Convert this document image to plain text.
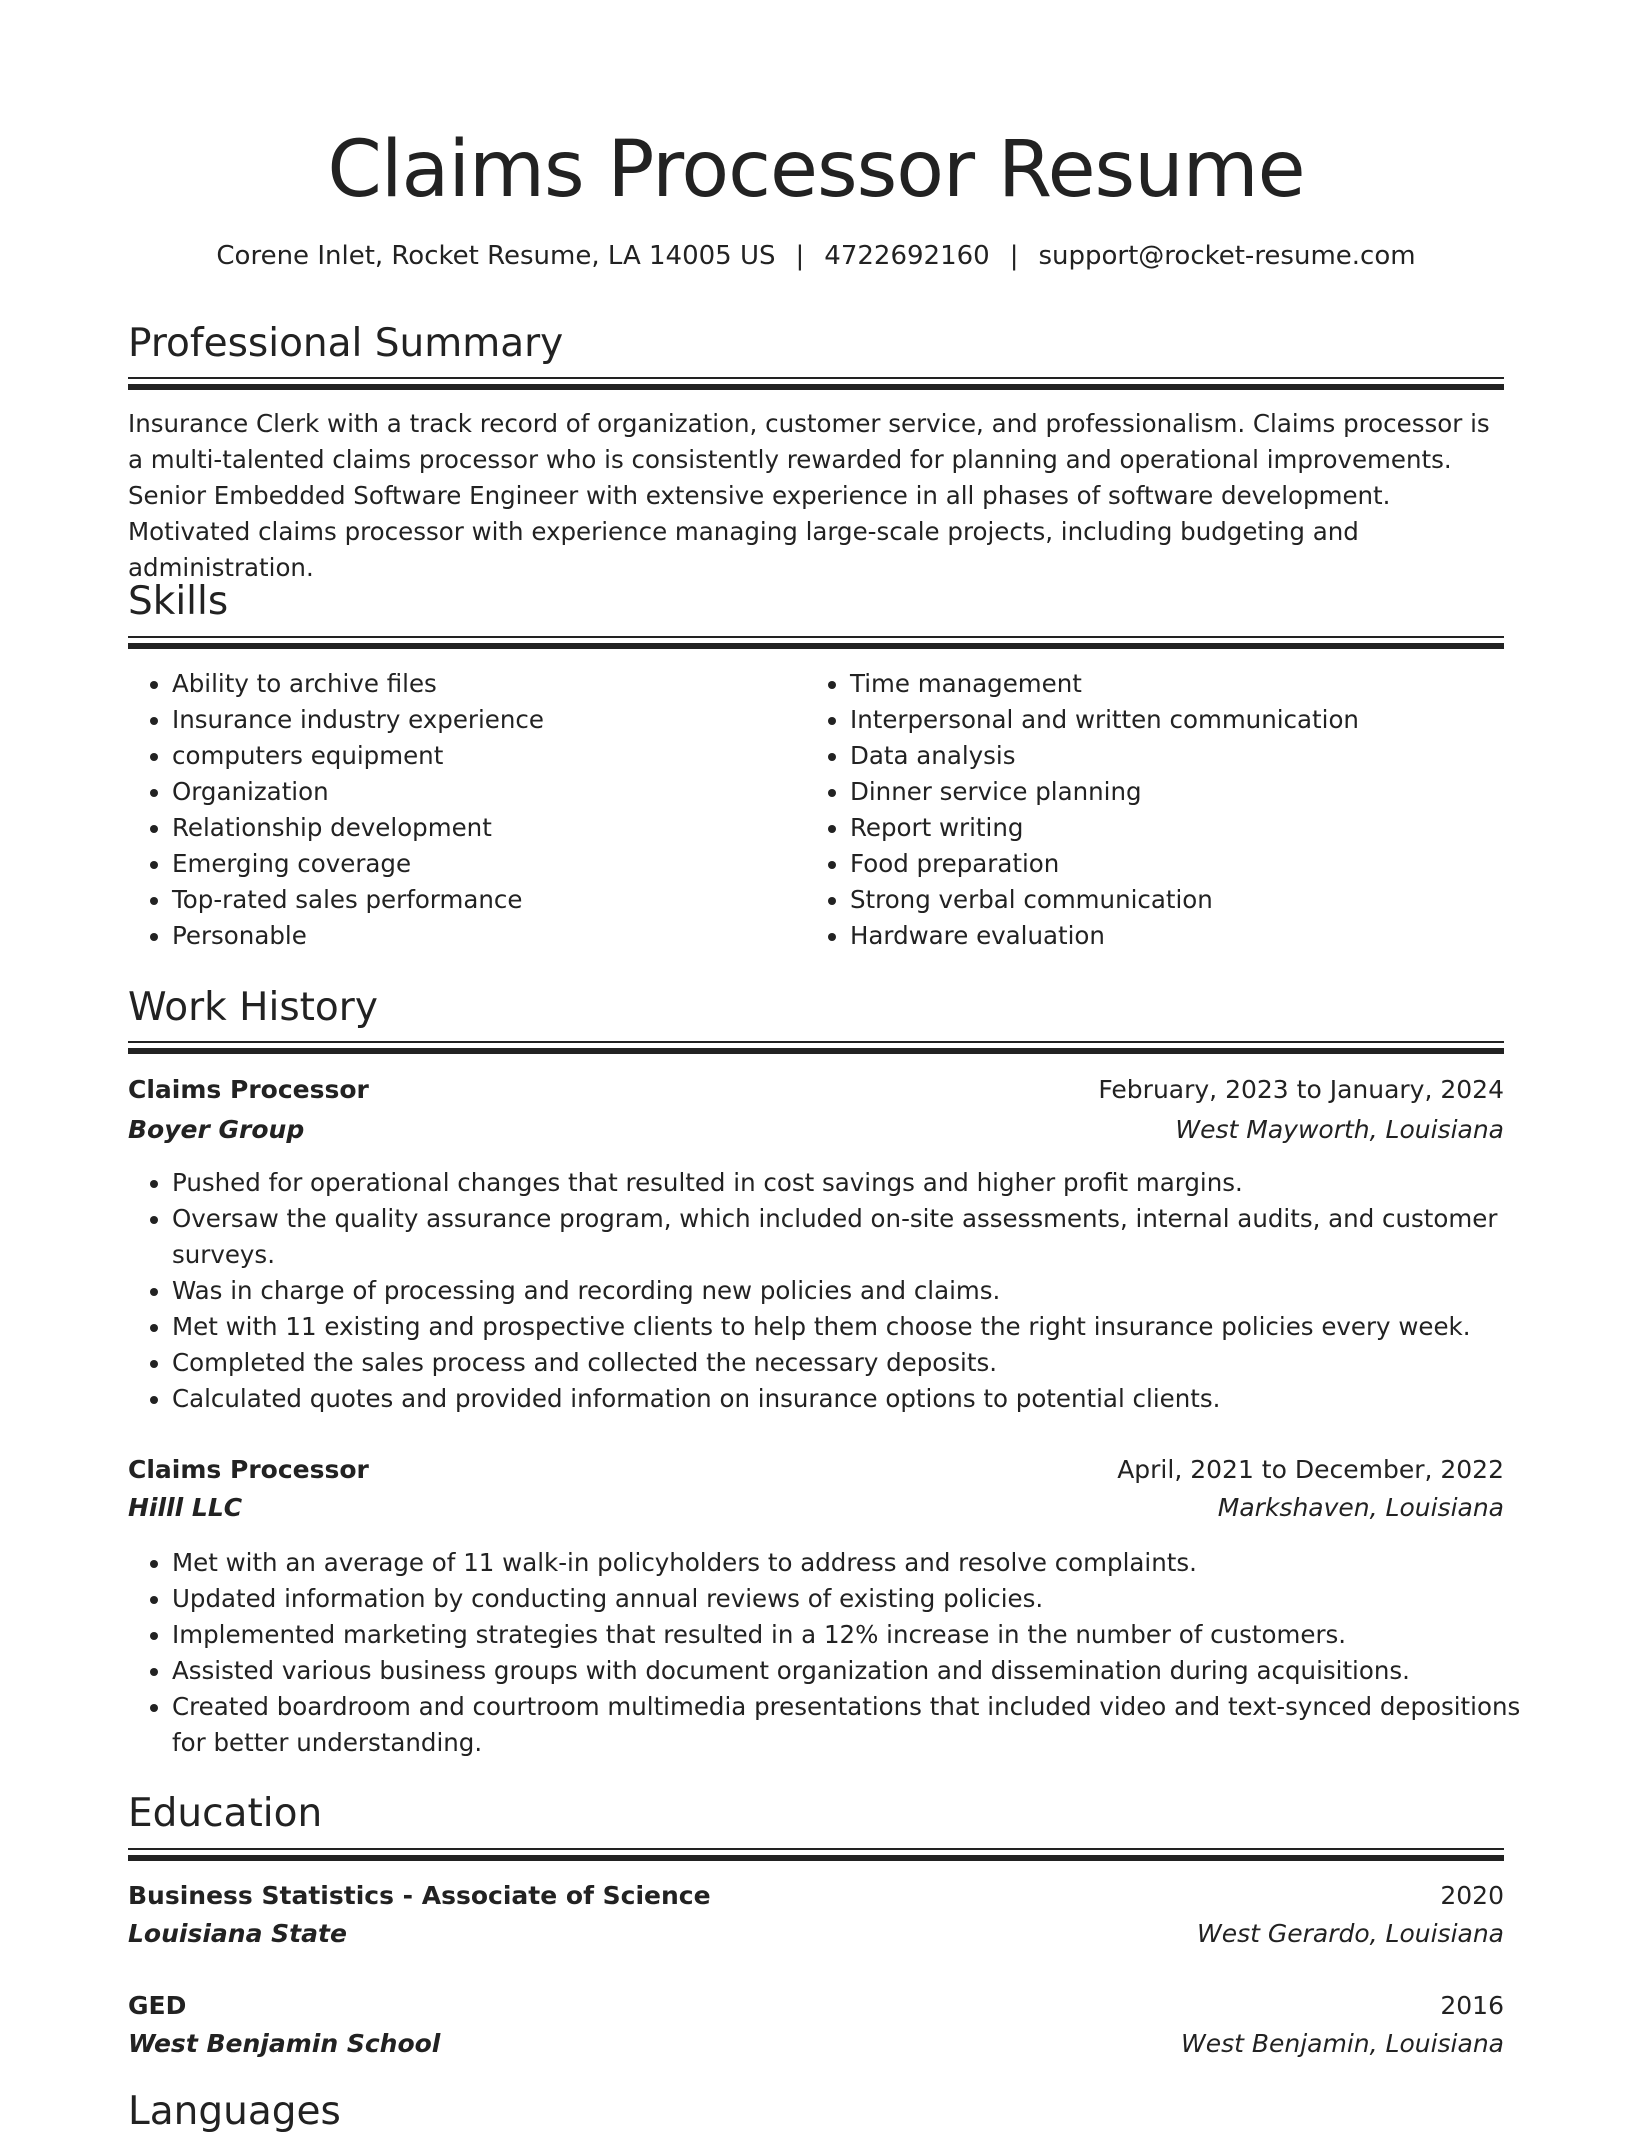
Claims Processor Resume
Corene Inlet, Rocket Resume, LA 14005 US | 4722692160 | support@rocket-resume.com
Professional Summary
Insurance Clerk with a track record of organization, customer service, and professionalism. Claims processor is a multi-talented claims processor who is consistently rewarded for planning and operational improvements. Senior Embedded Software Engineer with extensive experience in all phases of software development. Motivated claims processor with experience managing large-scale projects, including budgeting and administration.
Skills
• Ability to archive files
• Insurance industry experience
• computers equipment
• Organization
• Relationship development
• Emerging coverage
• Top-rated sales performance
• Personable
• Time management
• Interpersonal and written communication
• Data analysis
• Dinner service planning
• Report writing
• Food preparation
• Strong verbal communication
• Hardware evaluation
Work History
Claims Processor	February, 2023 to January, 2024
Boyer Group	West Mayworth, Louisiana
• Pushed for operational changes that resulted in cost savings and higher profit margins.
• Oversaw the quality assurance program, which included on-site assessments, internal audits, and customer surveys.
• Was in charge of processing and recording new policies and claims.
• Met with 11 existing and prospective clients to help them choose the right insurance policies every week.
• Completed the sales process and collected the necessary deposits.
• Calculated quotes and provided information on insurance options to potential clients.
Claims Processor	April, 2021 to December, 2022
Hilll LLC	Markshaven, Louisiana
• Met with an average of 11 walk-in policyholders to address and resolve complaints.
• Updated information by conducting annual reviews of existing policies.
• Implemented marketing strategies that resulted in a 12% increase in the number of customers.
• Assisted various business groups with document organization and dissemination during acquisitions.
• Created boardroom and courtroom multimedia presentations that included video and text-synced depositions for better understanding.
Education
Business Statistics - Associate of Science	2020
Louisiana State	West Gerardo, Louisiana
GED	2016
West Benjamin School	West Benjamin, Louisiana
Languages
